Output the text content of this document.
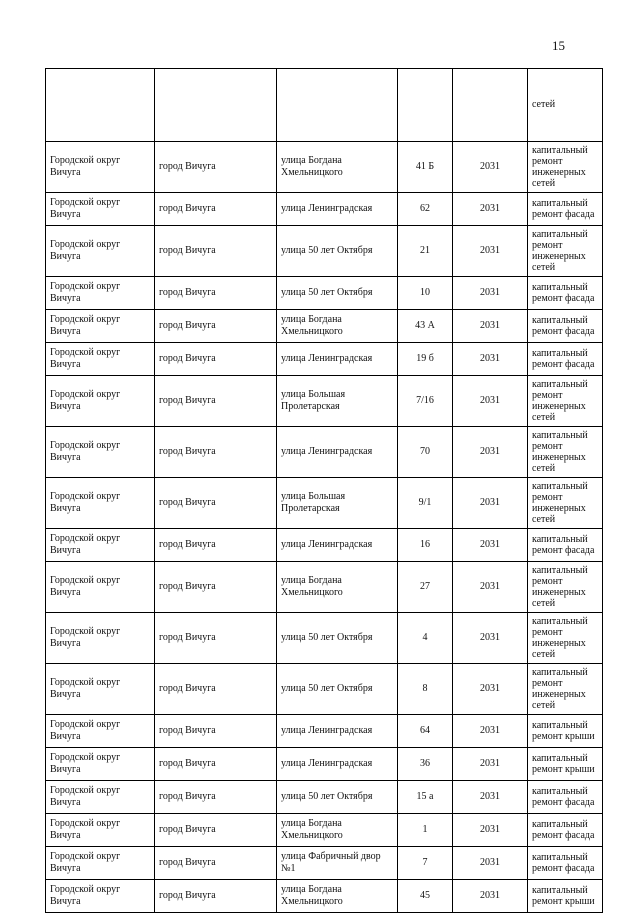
15
					сетей
Городской округ Вичуга	город Вичуга	улица Богдана Хмельницкого	41 Б	2031	капитальный ремонт инженерных сетей
Городской округ Вичуга	город Вичуга	улица Ленинградская	62	2031	капитальный ремонт фасада
Городской округ Вичуга	город Вичуга	улица 50 лет Октября	21	2031	капитальный ремонт инженерных сетей
Городской округ Вичуга	город Вичуга	улица 50 лет Октября	10	2031	капитальный ремонт фасада
Городской округ Вичуга	город Вичуга	улица Богдана Хмельницкого	43 А	2031	капитальный ремонт фасада
Городской округ Вичуга	город Вичуга	улица Ленинградская	19 б	2031	капитальный ремонт фасада
Городской округ Вичуга	город Вичуга	улица Большая Пролетарская	7/16	2031	капитальный ремонт инженерных сетей
Городской округ Вичуга	город Вичуга	улица Ленинградская	70	2031	капитальный ремонт инженерных сетей
Городской округ Вичуга	город Вичуга	улица Большая Пролетарская	9/1	2031	капитальный ремонт инженерных сетей
Городской округ Вичуга	город Вичуга	улица Ленинградская	16	2031	капитальный ремонт фасада
Городской округ Вичуга	город Вичуга	улица Богдана Хмельницкого	27	2031	капитальный ремонт инженерных сетей
Городской округ Вичуга	город Вичуга	улица 50 лет Октября	4	2031	капитальный ремонт инженерных сетей
Городской округ Вичуга	город Вичуга	улица 50 лет Октября	8	2031	капитальный ремонт инженерных сетей
Городской округ Вичуга	город Вичуга	улица Ленинградская	64	2031	капитальный ремонт крыши
Городской округ Вичуга	город Вичуга	улица Ленинградская	36	2031	капитальный ремонт крыши
Городской округ Вичуга	город Вичуга	улица 50 лет Октября	15 а	2031	капитальный ремонт фасада
Городской округ Вичуга	город Вичуга	улица Богдана Хмельницкого	1	2031	капитальный ремонт фасада
Городской округ Вичуга	город Вичуга	улица Фабричный двор №1	7	2031	капитальный ремонт фасада
Городской округ Вичуга	город Вичуга	улица Богдана Хмельницкого	45	2031	капитальный ремонт крыши
